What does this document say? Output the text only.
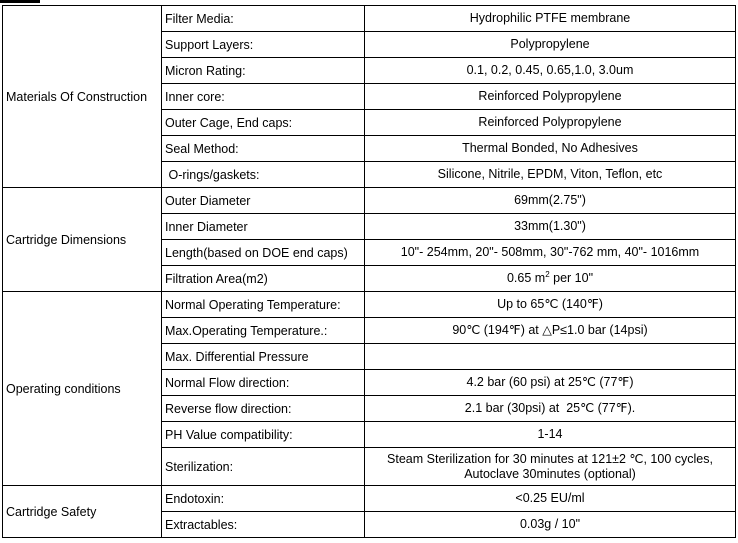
Materials Of Construction	Filter Media:	Hydrophilic PTFE membrane
	Support Layers:	Polypropylene
	Micron Rating:	0.1, 0.2, 0.45, 0.65,1.0, 3.0um
	Inner core:	Reinforced Polypropylene
	Outer Cage, End caps:	Reinforced Polypropylene
	Seal Method:	Thermal Bonded, No Adhesives
	O-rings/gaskets:	Silicone, Nitrile, EPDM, Viton, Teflon, etc
Cartridge Dimensions	Outer Diameter	69mm(2.75")
	Inner Diameter	33mm(1.30")
	Length(based on DOE end caps)	10"- 254mm, 20"- 508mm, 30"-762 mm, 40"- 1016mm
	Filtration Area(m2)	0.65 $m^2$ per 10"
Operating conditions	Normal Operating Temperature:	Up to 65℃ (140℉)
	Max.Operating Temperature.:	90℃ (194℉) at △P≤1.0 bar (14psi)
	Max. Differential Pressure	
	Normal Flow direction:	4.2 bar (60 psi) at 25℃ (77℉)
	Reverse flow direction:	2.1 bar (30psi) at  25℃ (77℉).
	PH Value compatibility:	1-14
	Sterilization:	Steam Sterilization for 30 minutes at 121±2 ℃, 100 cycles,
Autoclave 30minutes (optional)

Cartridge Safety	Endotoxin:	<0.25 EU/ml
	Extractables:	0.03g / 10"
